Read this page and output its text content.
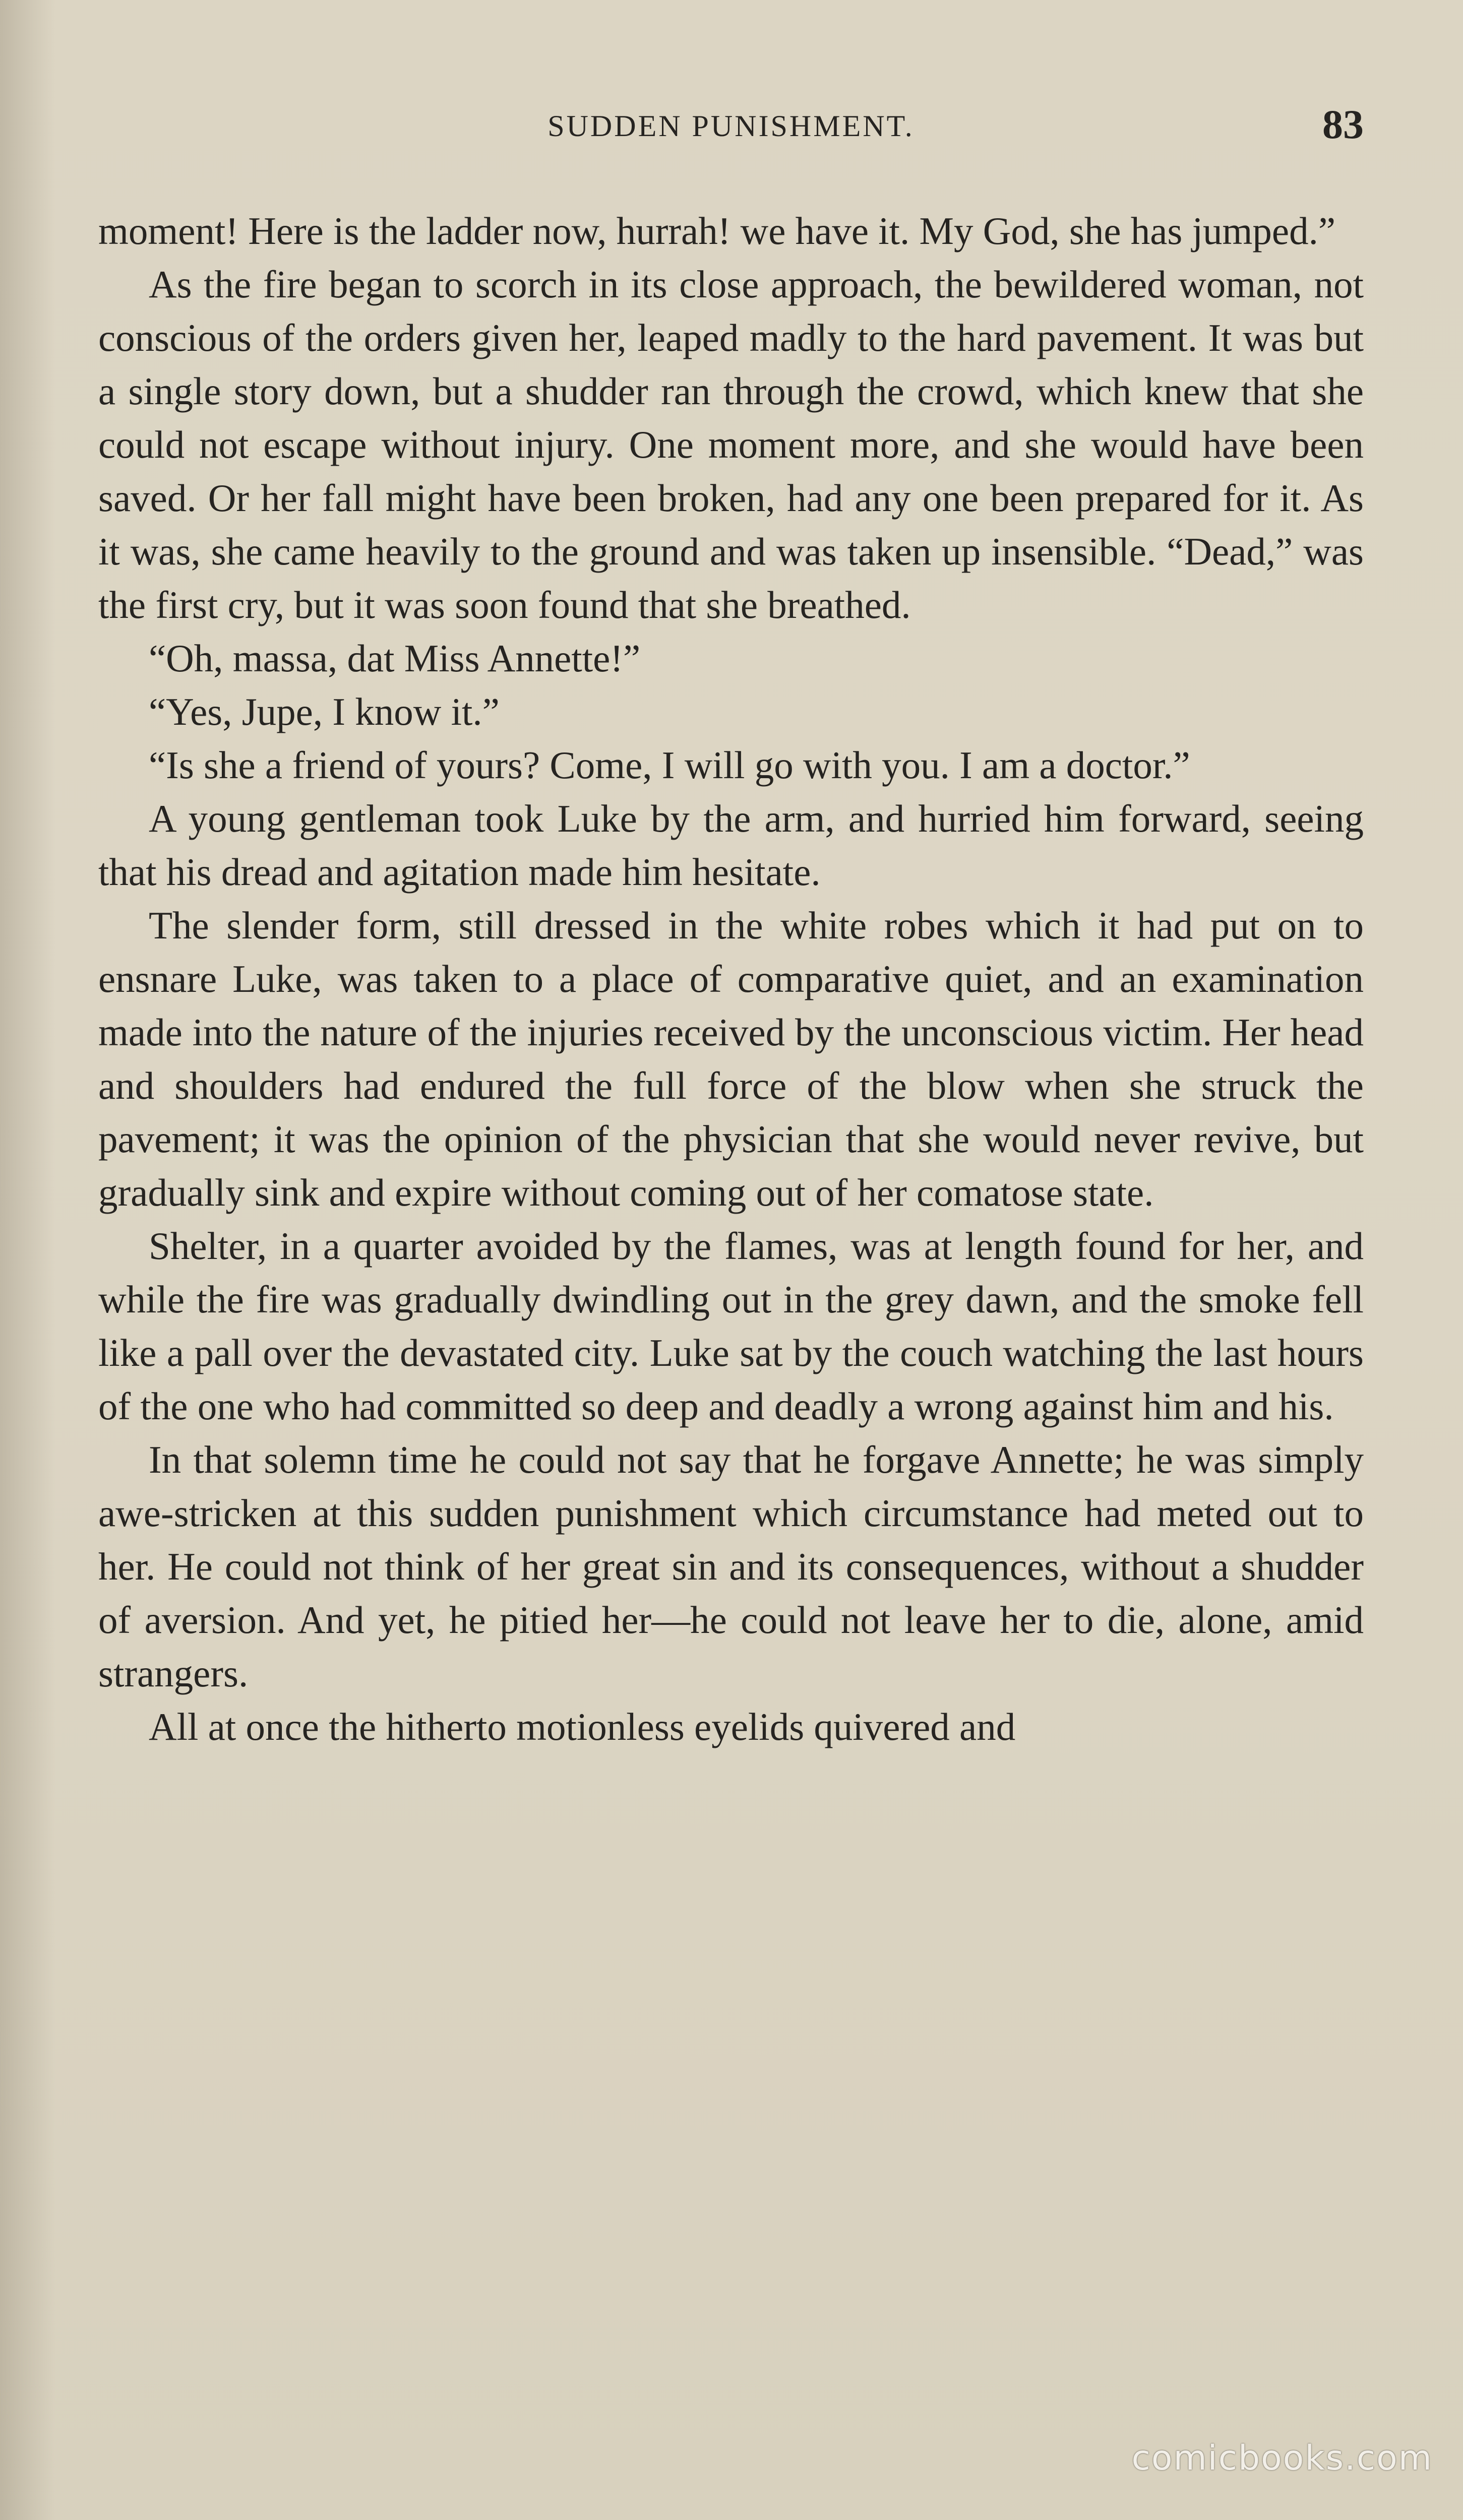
SUDDEN PUNISHMENT.	83

moment! Here is the ladder now, hurrah! we have it. My God, she has jumped.”

As the fire began to scorch in its close approach, the bewildered woman, not conscious of the orders given her, leaped madly to the hard pavement. It was but a single story down, but a shudder ran through the crowd, which knew that she could not escape without injury. One moment more, and she would have been saved. Or her fall might have been broken, had any one been prepared for it. As it was, she came heavily to the ground and was taken up insensible. “Dead,” was the first cry, but it was soon found that she breathed.

“Oh, massa, dat Miss Annette!”

“Yes, Jupe, I know it.”

“Is she a friend of yours? Come, I will go with you. I am a doctor.”

A young gentleman took Luke by the arm, and hurried him forward, seeing that his dread and agitation made him hesitate.

The slender form, still dressed in the white robes which it had put on to ensnare Luke, was taken to a place of comparative quiet, and an examination made into the nature of the injuries received by the unconscious victim. Her head and shoulders had endured the full force of the blow when she struck the pavement; it was the opinion of the physician that she would never revive, but gradually sink and expire without coming out of her comatose state.

Shelter, in a quarter avoided by the flames, was at length found for her, and while the fire was gradually dwindling out in the grey dawn, and the smoke fell like a pall over the devastated city. Luke sat by the couch watching the last hours of the one who had committed so deep and deadly a wrong against him and his.

In that solemn time he could not say that he forgave Annette; he was simply awe-stricken at this sudden punishment which circumstance had meted out to her. He could not think of her great sin and its consequences, without a shudder of aversion. And yet, he pitied her—he could not leave her to die, alone, amid strangers.

All at once the hitherto motionless eyelids quivered and

comicbooks.com
